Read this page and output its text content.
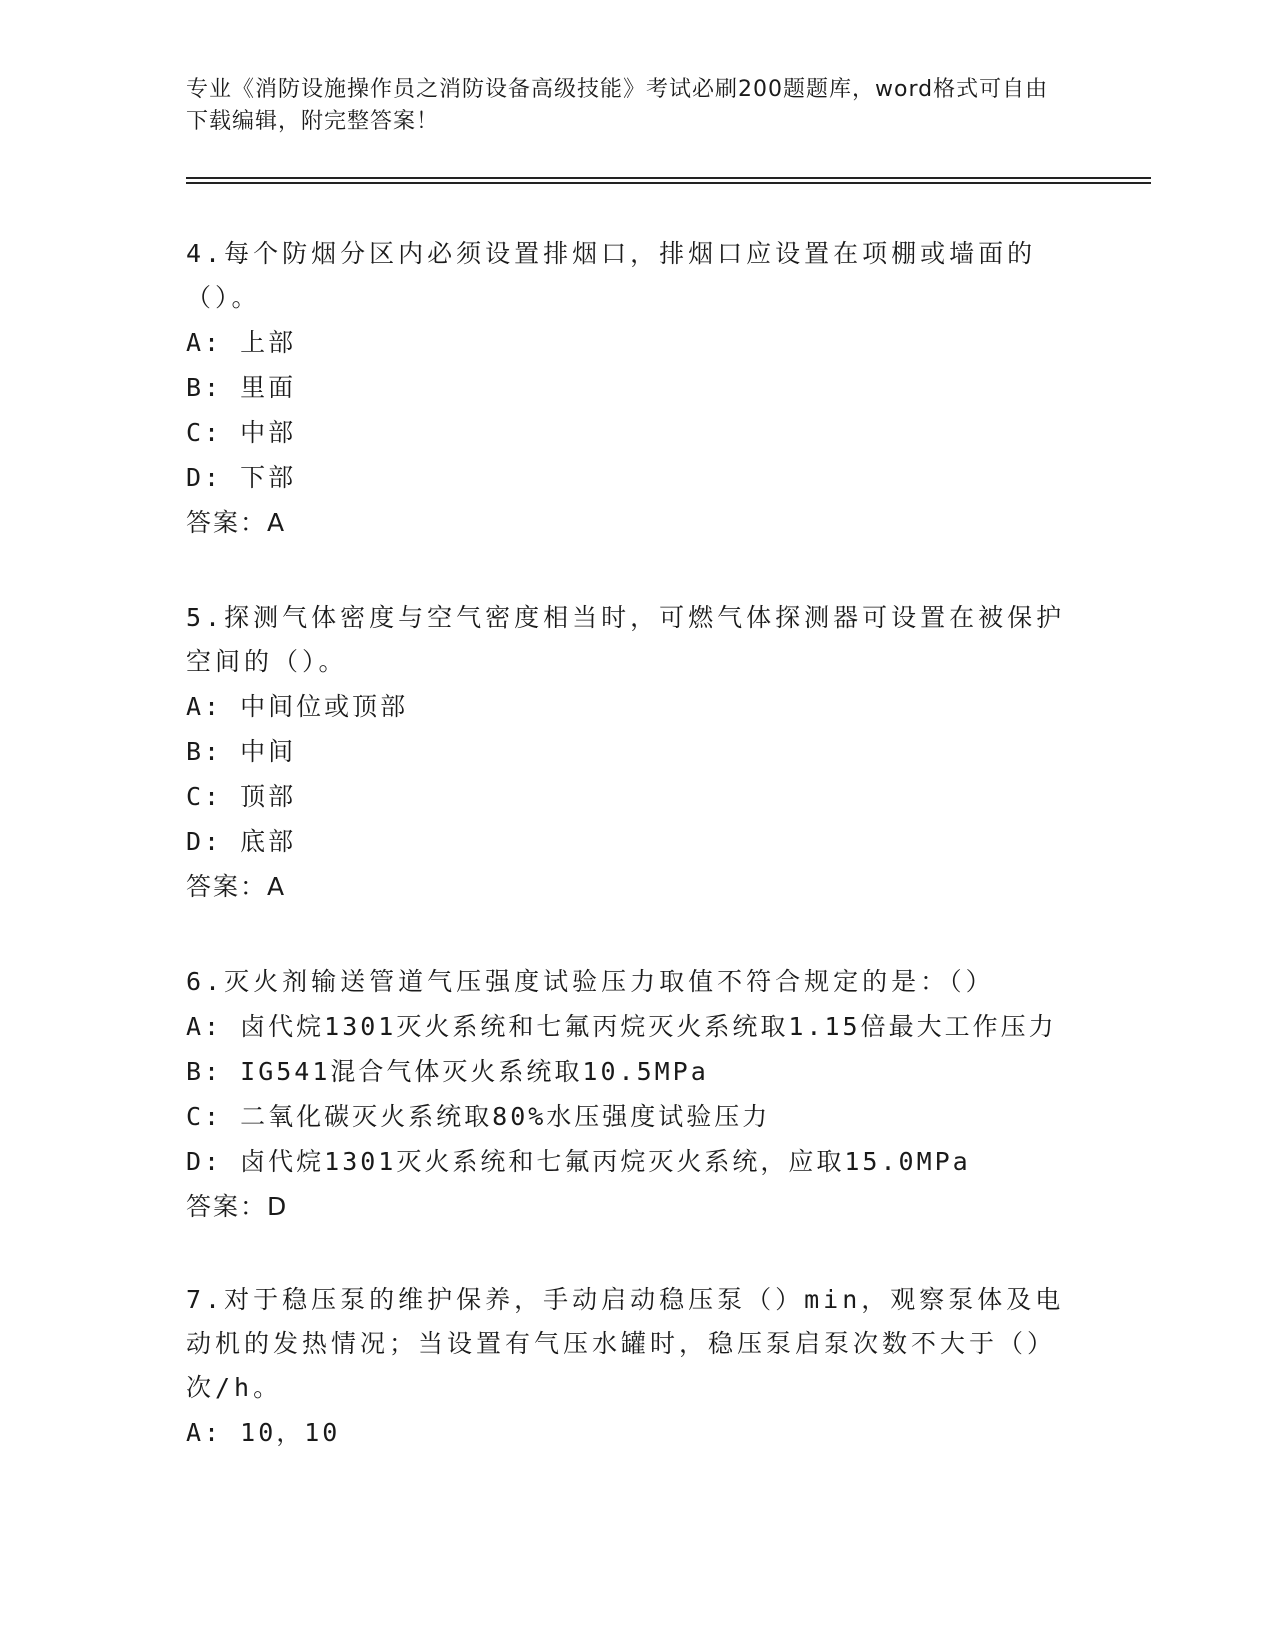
专业《消防设施操作员之消防设备高级技能》考试必刷200题题库，word格式可自由下载编辑，附完整答案！
4.每个防烟分区内必须设置排烟口，排烟口应设置在项棚或墙面的（）。
A: 上部
B: 里面
C: 中部
D: 下部
答案：A
5.探测气体密度与空气密度相当时，可燃气体探测器可设置在被保护空间的（）。
A: 中间位或顶部
B: 中间
C: 顶部
D: 底部
答案：A
6.灭火剂输送管道气压强度试验压力取值不符合规定的是：（）
A: 卤代烷1301灭火系统和七氟丙烷灭火系统取1.15倍最大工作压力
B: IG541混合气体灭火系统取10.5MPa
C: 二氧化碳灭火系统取80%水压强度试验压力
D: 卤代烷1301灭火系统和七氟丙烷灭火系统，应取15.0MPa
答案：D
7.对于稳压泵的维护保养，手动启动稳压泵（）min，观察泵体及电动机的发热情况；当设置有气压水罐时，稳压泵启泵次数不大于（）次/h。
A: 10，10
